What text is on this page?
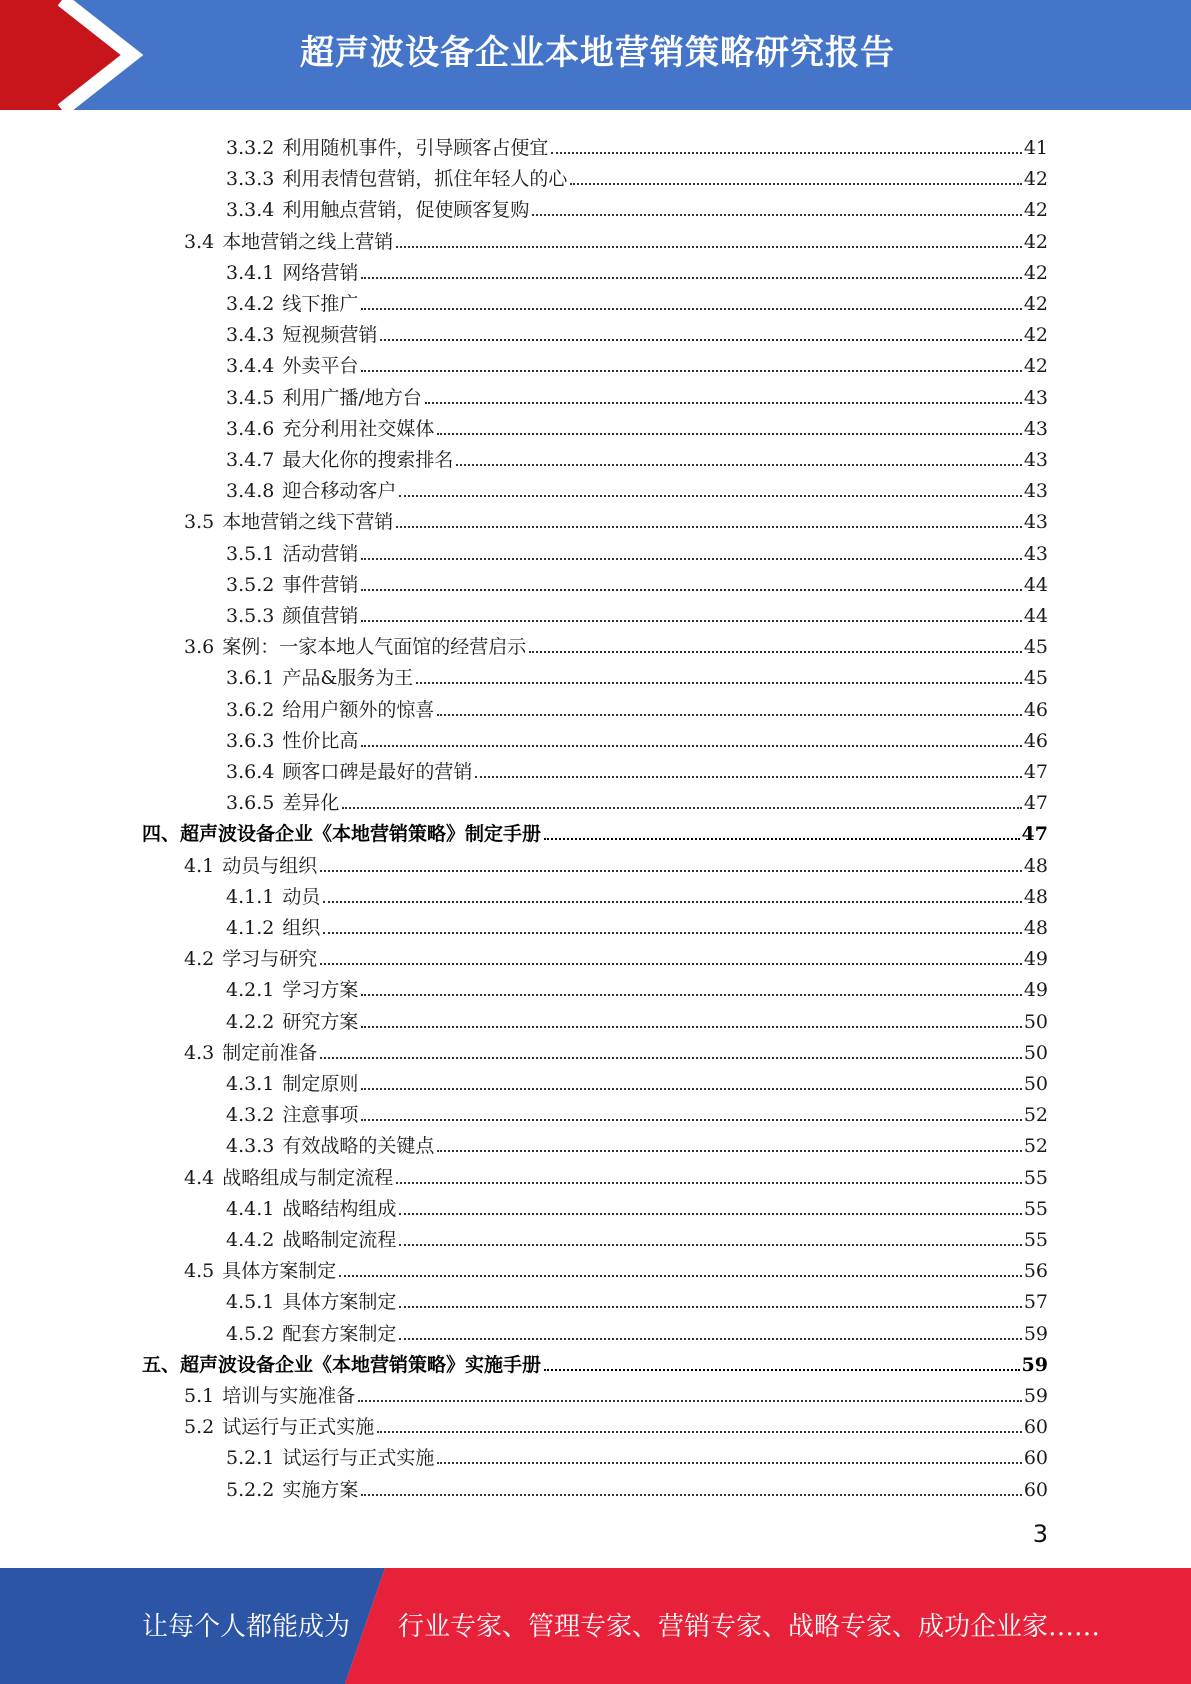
超声波设备企业本地营销策略研究报告
3.3.2 利用随机事件，引导顾客占便宜	41
3.3.3 利用表情包营销，抓住年轻人的心	42
3.3.4 利用触点营销，促使顾客复购	42
3.4 本地营销之线上营销	42
3.4.1 网络营销	42
3.4.2 线下推广	42
3.4.3 短视频营销	42
3.4.4 外卖平台	42
3.4.5 利用广播/地方台	43
3.4.6 充分利用社交媒体	43
3.4.7 最大化你的搜索排名	43
3.4.8 迎合移动客户	43
3.5 本地营销之线下营销	43
3.5.1 活动营销	43
3.5.2 事件营销	44
3.5.3 颜值营销	44
3.6 案例：一家本地人气面馆的经营启示	45
3.6.1 产品&服务为王	45
3.6.2 给用户额外的惊喜	46
3.6.3 性价比高	46
3.6.4 顾客口碑是最好的营销	47
3.6.5 差异化	47
四、超声波设备企业《本地营销策略》制定手册	47
4.1 动员与组织	48
4.1.1 动员	48
4.1.2 组织	48
4.2 学习与研究	49
4.2.1 学习方案	49
4.2.2 研究方案	50
4.3 制定前准备	50
4.3.1 制定原则	50
4.3.2 注意事项	52
4.3.3 有效战略的关键点	52
4.4 战略组成与制定流程	55
4.4.1 战略结构组成	55
4.4.2 战略制定流程	55
4.5 具体方案制定	56
4.5.1 具体方案制定	57
4.5.2 配套方案制定	59
五、超声波设备企业《本地营销策略》实施手册	59
5.1 培训与实施准备	59
5.2 试运行与正式实施	60
5.2.1 试运行与正式实施	60
5.2.2 实施方案	60
3
让每个人都能成为 行业专家、管理专家、营销专家、战略专家、成功企业家……
